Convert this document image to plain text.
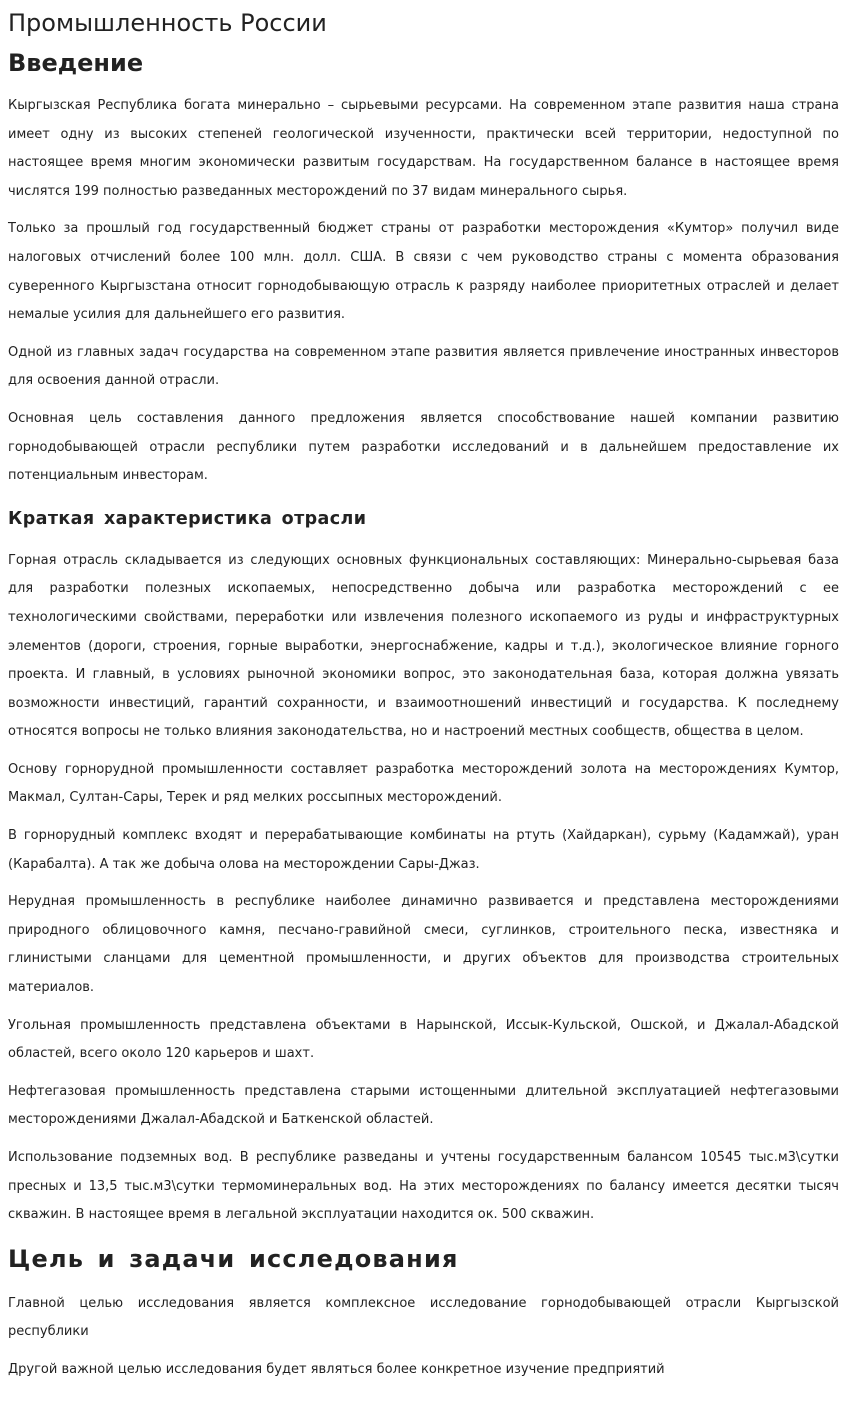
Промышленность России
Введение

Кыргызская Республика богата минерально – сырьевыми ресурсами. На современном этапе развития наша страна имеет одну из высоких степеней геологической изученности, практически всей территории, недоступной по настоящее время многим экономически развитым государствам. На государственном балансе в настоящее время числятся 199 полностью разведанных месторождений по 37 видам минерального сырья.

Только за прошлый год государственный бюджет страны от разработки месторождения «Кумтор» получил виде налоговых отчислений более 100 млн. долл. США. В связи с чем руководство страны с момента образования суверенного Кыргызстана относит горнодобывающую отрасль к разряду наиболее приоритетных отраслей и делает немалые усилия для дальнейшего его развития.

Одной из главных задач государства на современном этапе развития является привлечение иностранных инвесторов для освоения данной отрасли.

Основная цель составления данного предложения является способствование нашей компании развитию горнодобывающей отрасли республики путем разработки исследований и в дальнейшем предоставление их потенциальным инвесторам.

Краткая характеристика отрасли

Горная отрасль складывается из следующих основных функциональных составляющих: Минерально-сырьевая база для разработки полезных ископаемых, непосредственно добыча или разработка месторождений с ее технологическими свойствами, переработки или извлечения полезного ископаемого из руды и инфраструктурных элементов (дороги, строения, горные выработки, энергоснабжение, кадры и т.д.), экологическое влияние горного проекта. И главный, в условиях рыночной экономики вопрос, это законодательная база, которая должна увязать возможности инвестиций, гарантий сохранности, и взаимоотношений инвестиций и государства. К последнему относятся вопросы не только влияния законодательства, но и настроений местных сообществ, общества в целом.

Основу горнорудной промышленности составляет разработка месторождений золота на месторождениях Кумтор, Макмал, Султан-Сары, Терек и ряд мелких россыпных месторождений.

В горнорудный комплекс входят и перерабатывающие комбинаты на ртуть (Хайдаркан), сурьму (Кадамжай), уран (Карабалта). А так же добыча олова на месторождении Сары-Джаз.

Нерудная промышленность в республике наиболее динамично развивается и представлена месторождениями природного облицовочного камня, песчано-гравийной смеси, суглинков, строительного песка, известняка и глинистыми сланцами для цементной промышленности, и других объектов для производства строительных материалов.

Угольная промышленность представлена объектами в Нарынской, Иссык-Кульской, Ошской, и Джалал-Абадской областей, всего около 120 карьеров и шахт.

Нефтегазовая промышленность представлена старыми истощенными длительной эксплуатацией нефтегазовыми месторождениями Джалал-Абадской и Баткенской областей.

Использование подземных вод. В республике разведаны и учтены государственным балансом 10545 тыс.м3\сутки пресных и 13,5 тыс.м3\сутки термоминеральных вод. На этих месторождениях по балансу имеется десятки тысяч скважин. В настоящее время в легальной эксплуатации находится ок. 500 скважин.

Цель и задачи исследования

Главной целью исследования является комплексное исследование горнодобывающей отрасли Кыргызской республики

Другой важной целью исследования будет являться более конкретное изучение предприятий
